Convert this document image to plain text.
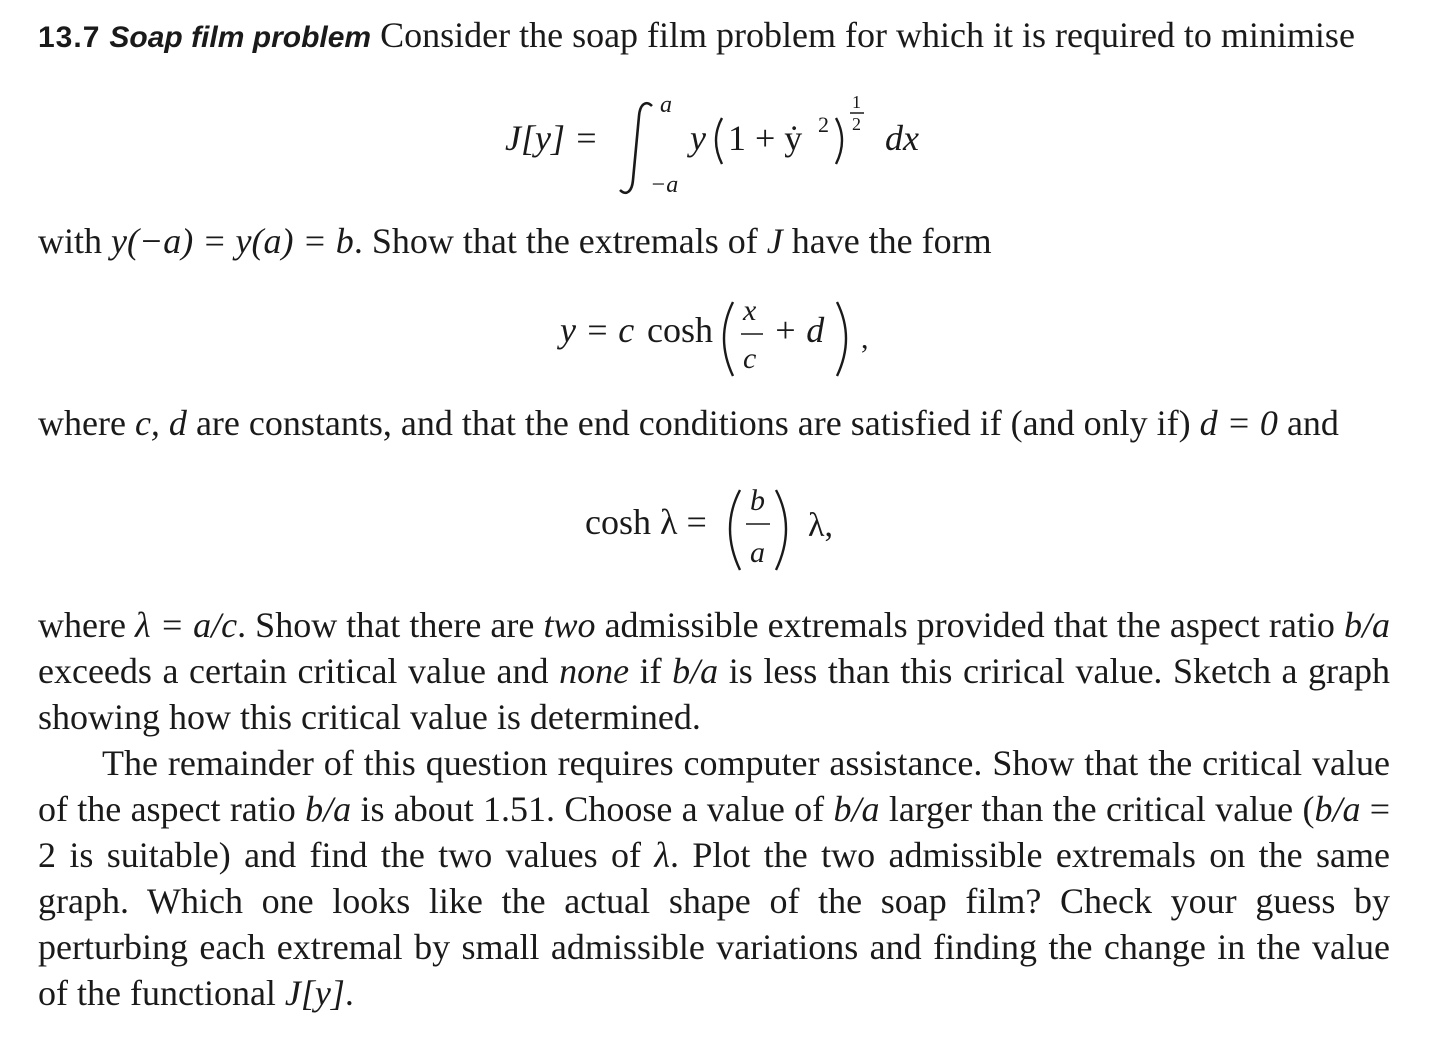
13.7 Soap film problem Consider the soap film problem for which it is required to minimise
J[y] =
a
−a
y 1 + ẏ 2
1
2 dx
with y(−a) = y(a) = b. Show that the extremals of J have the form
y = c cosh x
c
+ d ,
where c, d are constants, and that the end conditions are satisfied if (and only if) d = 0 and
cosh λ =
b
a
λ,
where λ = a/c. Show that there are two admissible extremals provided that the aspect ratio b/a exceeds a certain critical value and none if b/a is less than this crirical value. Sketch a graph showing how this critical value is determined.
The remainder of this question requires computer assistance. Show that the critical value of the aspect ratio b/a is about 1.51. Choose a value of b/a larger than the critical value (b/a = 2 is suitable) and find the two values of λ. Plot the two admissible extremals on the same graph. Which one looks like the actual shape of the soap film? Check your guess by perturbing each extremal by small admissible variations and finding the change in the value of the functional J[y].
